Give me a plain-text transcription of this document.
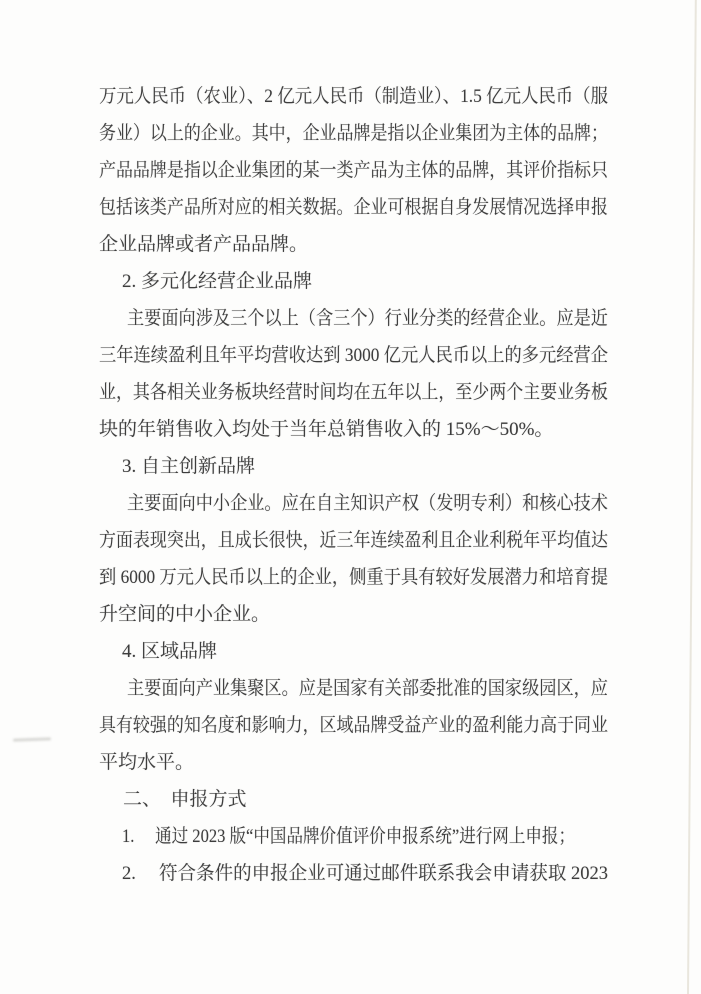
万元人民币（农业）、2 亿元人民币（制造业）、1.5 亿元人民币（服
务业）以上的企业。其中，企业品牌是指以企业集团为主体的品牌；
产品品牌是指以企业集团的某一类产品为主体的品牌，其评价指标只
包括该类产品所对应的相关数据。企业可根据自身发展情况选择申报
企业品牌或者产品品牌。
2. 多元化经营企业品牌
主要面向涉及三个以上（含三个）行业分类的经营企业。应是近
三年连续盈利且年平均营收达到 3000 亿元人民币以上的多元经营企
业，其各相关业务板块经营时间均在五年以上，至少两个主要业务板
块的年销售收入均处于当年总销售收入的 15%～50%。
3. 自主创新品牌
主要面向中小企业。应在自主知识产权（发明专利）和核心技术
方面表现突出，且成长很快，近三年连续盈利且企业利税年平均值达
到 6000 万元人民币以上的企业，侧重于具有较好发展潜力和培育提
升空间的中小企业。
4. 区域品牌
主要面向产业集聚区。应是国家有关部委批准的国家级园区，应
具有较强的知名度和影响力，区域品牌受益产业的盈利能力高于同业
平均水平。
二、  申报方式
1. 　通过 2023 版“中国品牌价值评价申报系统”进行网上申报；
2. 　符合条件的申报企业可通过邮件联系我会申请获取 2023
